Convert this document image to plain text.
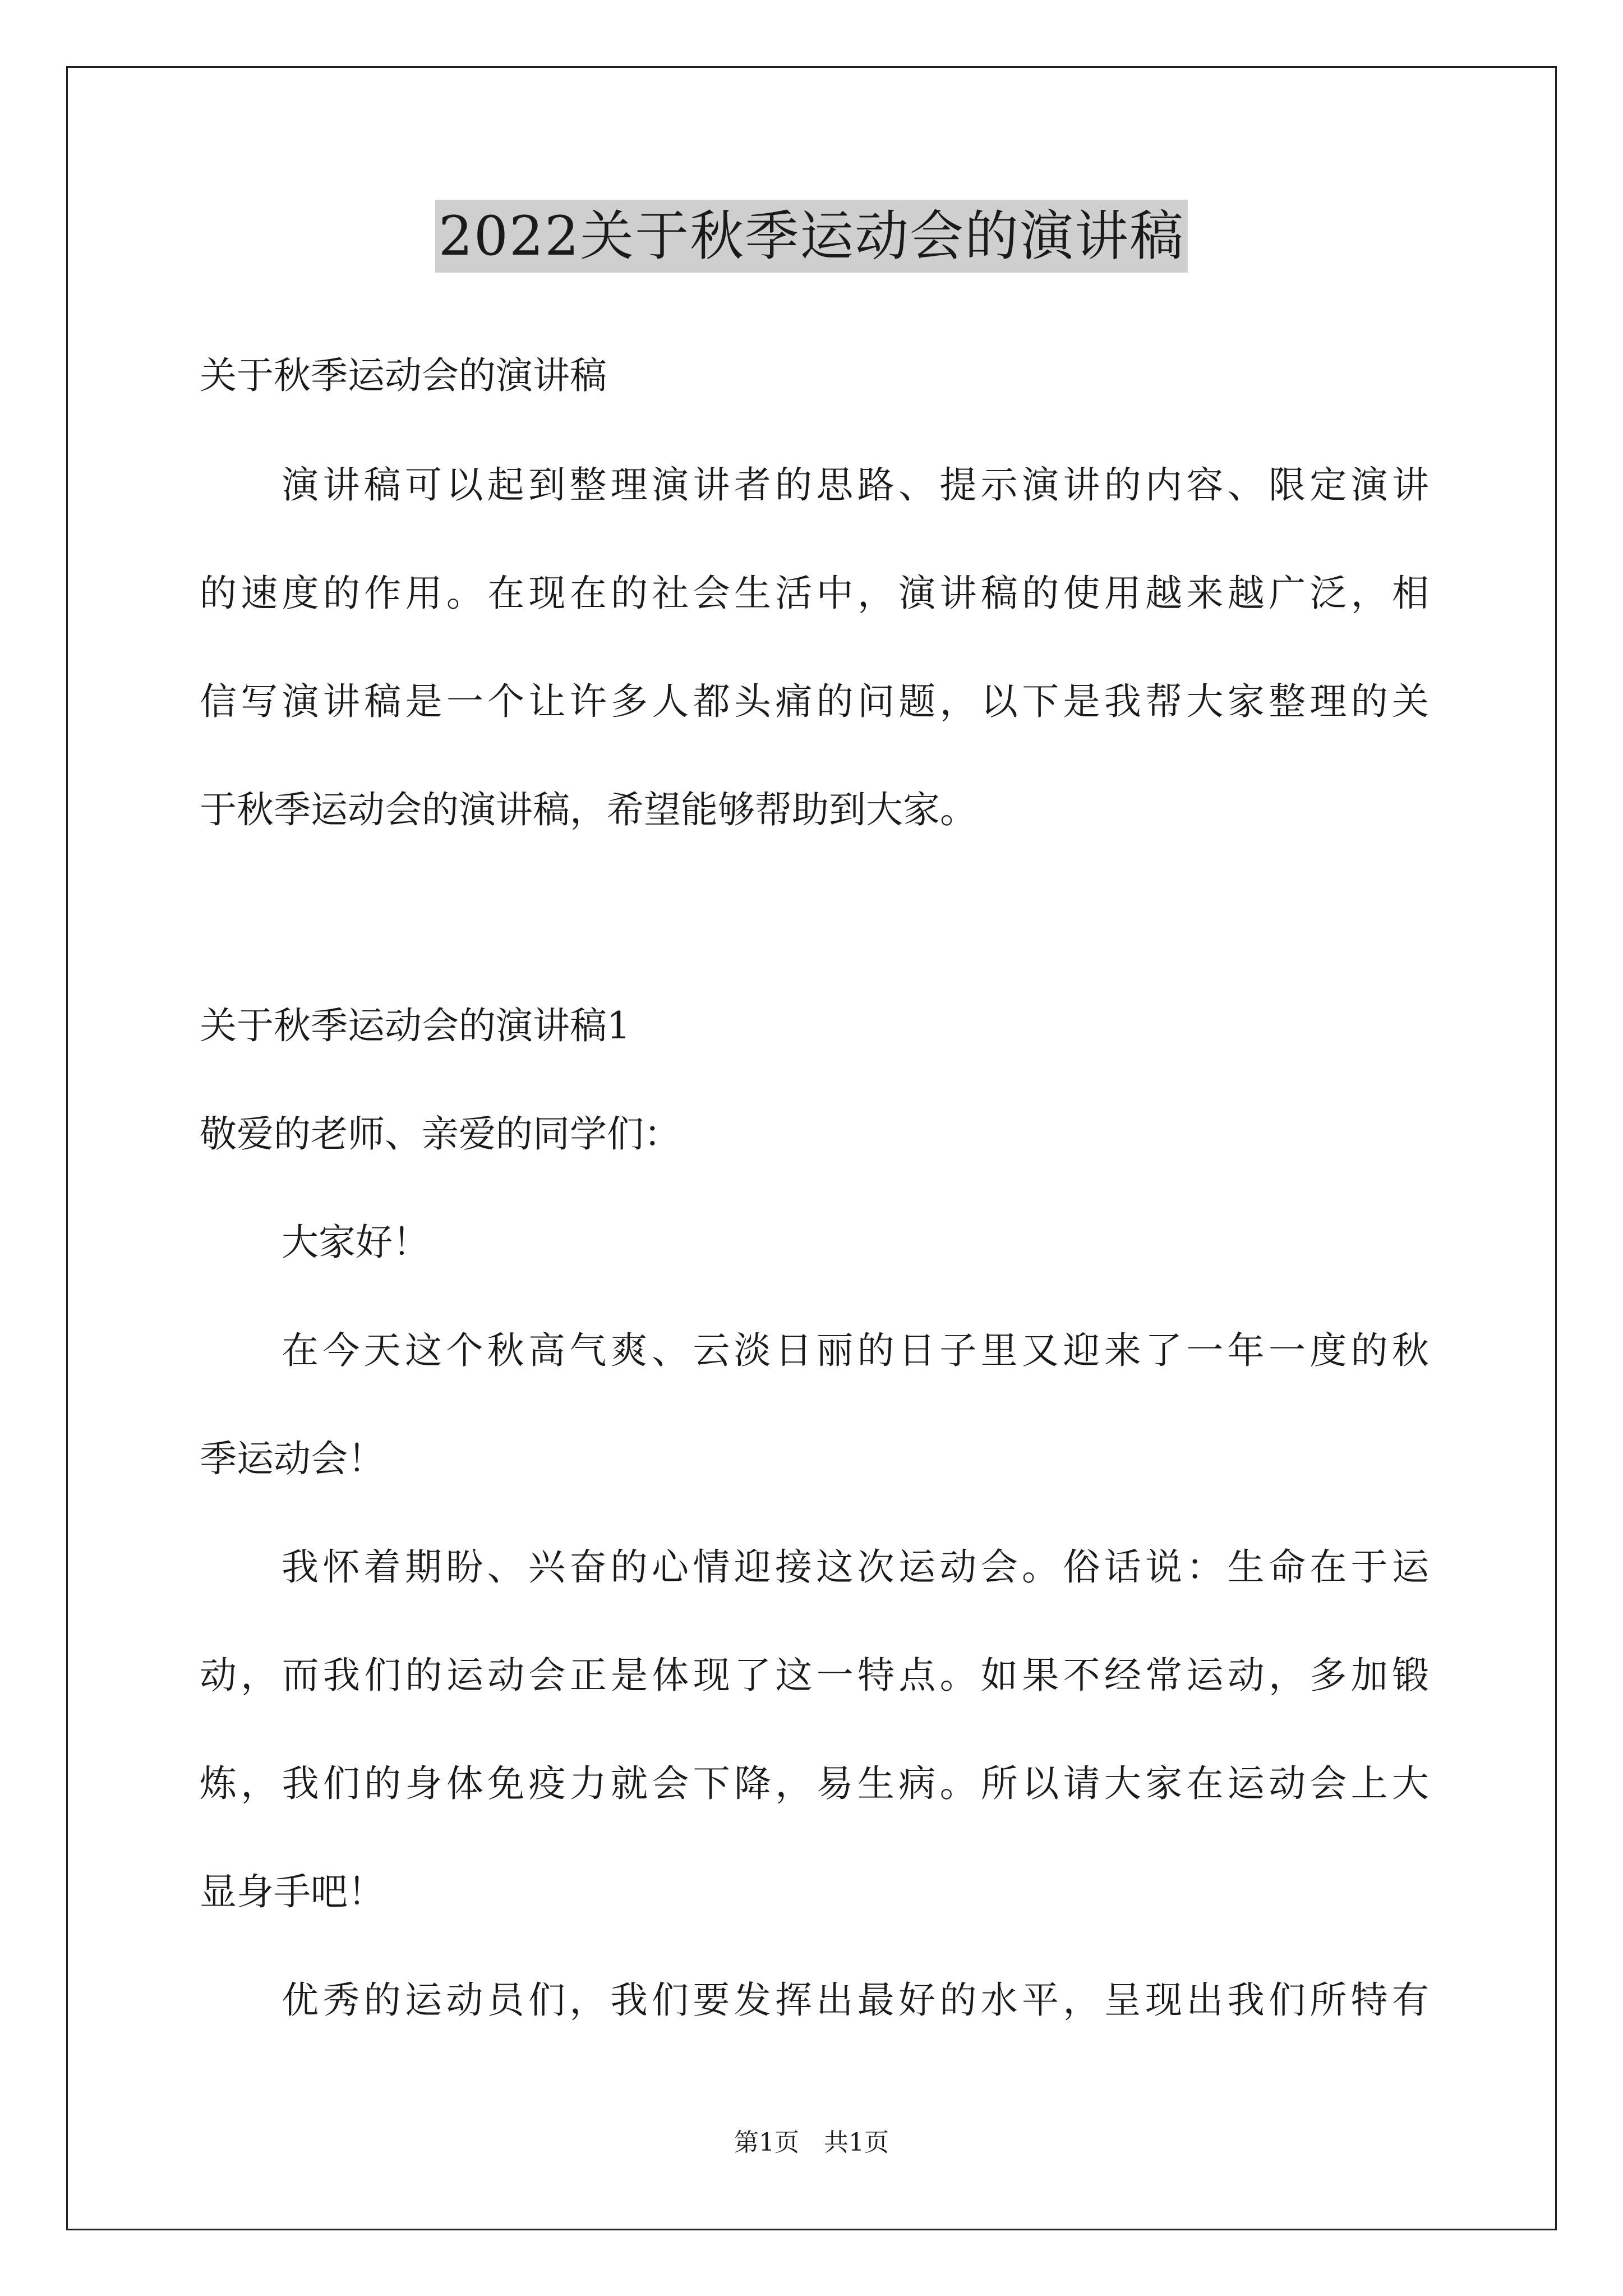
2022关于秋季运动会的演讲稿
关于秋季运动会的演讲稿
演讲稿可以起到整理演讲者的思路、提示演讲的内容、限定演讲
的速度的作用。在现在的社会生活中，演讲稿的使用越来越广泛，相
信写演讲稿是一个让许多人都头痛的问题，以下是我帮大家整理的关
于秋季运动会的演讲稿，希望能够帮助到大家。
关于秋季运动会的演讲稿1
敬爱的老师、亲爱的同学们：
大家好！
在今天这个秋高气爽、云淡日丽的日子里又迎来了一年一度的秋
季运动会！
我怀着期盼、兴奋的心情迎接这次运动会。俗话说：生命在于运
动，而我们的运动会正是体现了这一特点。如果不经常运动，多加锻
炼，我们的身体免疫力就会下降，易生病。所以请大家在运动会上大
显身手吧！
优秀的运动员们，我们要发挥出最好的水平，呈现出我们所特有
第1页　共1页
